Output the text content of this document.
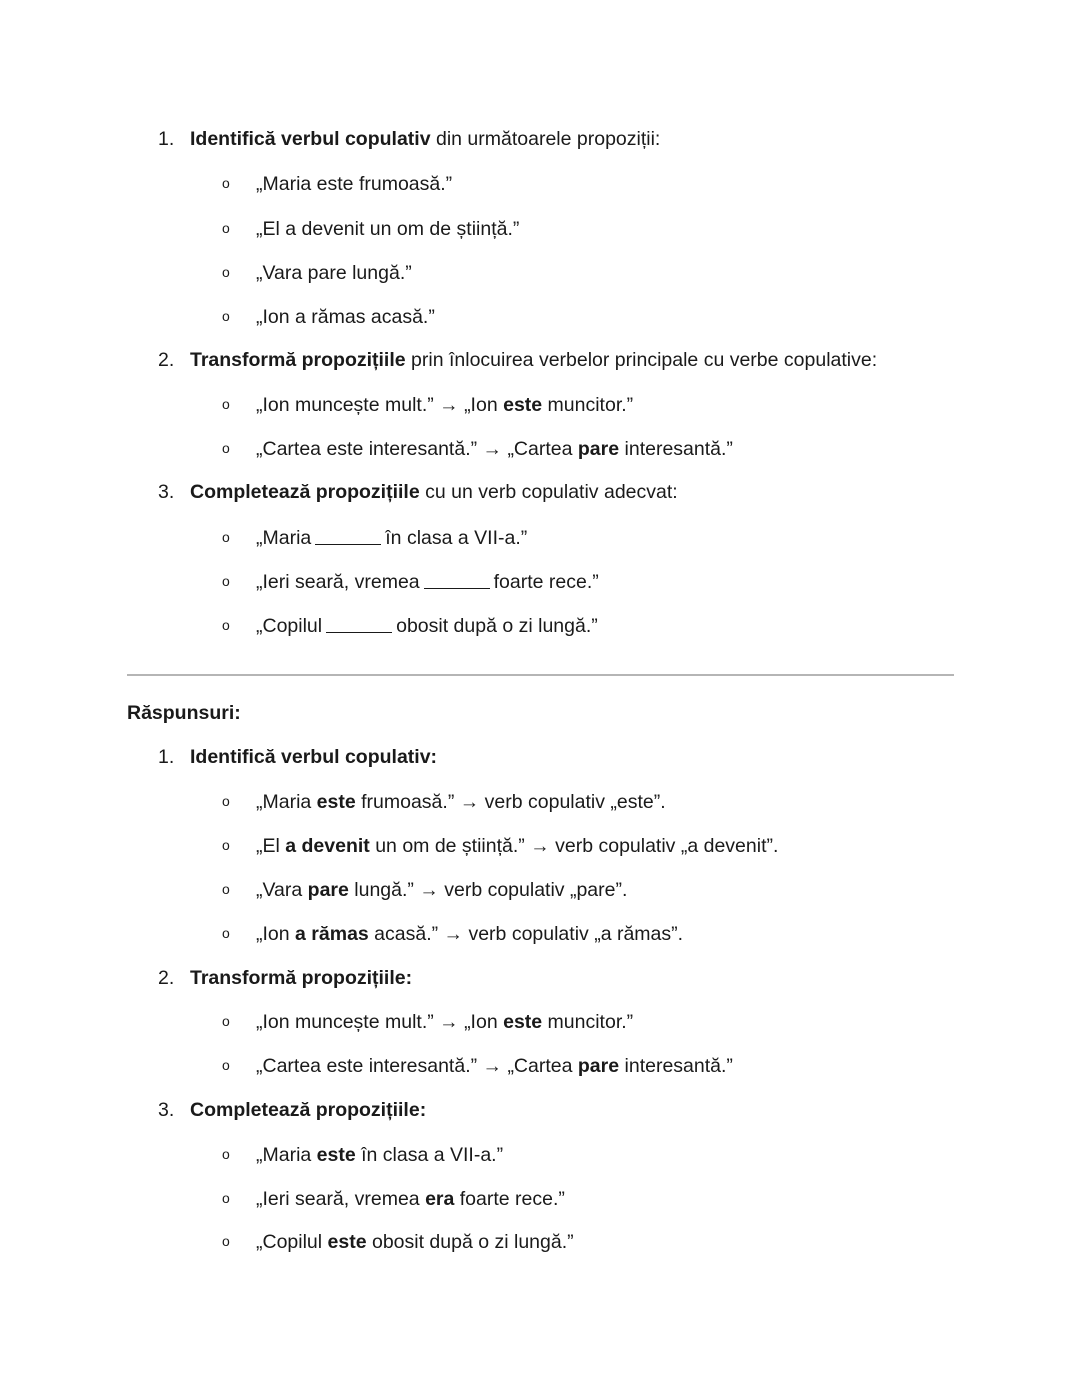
1. Identifică verbul copulativ din următoarele propoziții:
o „Maria este frumoasă.”
o „El a devenit un om de știință.”
o „Vara pare lungă.”
o „Ion a rămas acasă.”
2. Transformă propozițiile prin înlocuirea verbelor principale cu verbe copulative:
o „Ion muncește mult.” → „Ion este muncitor.”
o „Cartea este interesantă.” → „Cartea pare interesantă.”
3. Completează propozițiile cu un verb copulativ adecvat:
o „Maria	în clasa a VII-a.”
o „Ieri seară, vremea	foarte rece.”
o „Copilul	obosit după o zi lungă.”
Răspunsuri:
1. Identifică verbul copulativ:
o „Maria este frumoasă.” → verb copulativ „este”.
o „El a devenit un om de știință.” → verb copulativ „a devenit”.
o „Vara pare lungă.” → verb copulativ „pare”.
o „Ion a rămas acasă.” → verb copulativ „a rămas”.
2. Transformă propozițiile:
o „Ion muncește mult.” → „Ion este muncitor.”
o „Cartea este interesantă.” → „Cartea pare interesantă.”
3. Completează propozițiile:
o „Maria este în clasa a VII-a.”
o „Ieri seară, vremea era foarte rece.”
o „Copilul este obosit după o zi lungă.”
